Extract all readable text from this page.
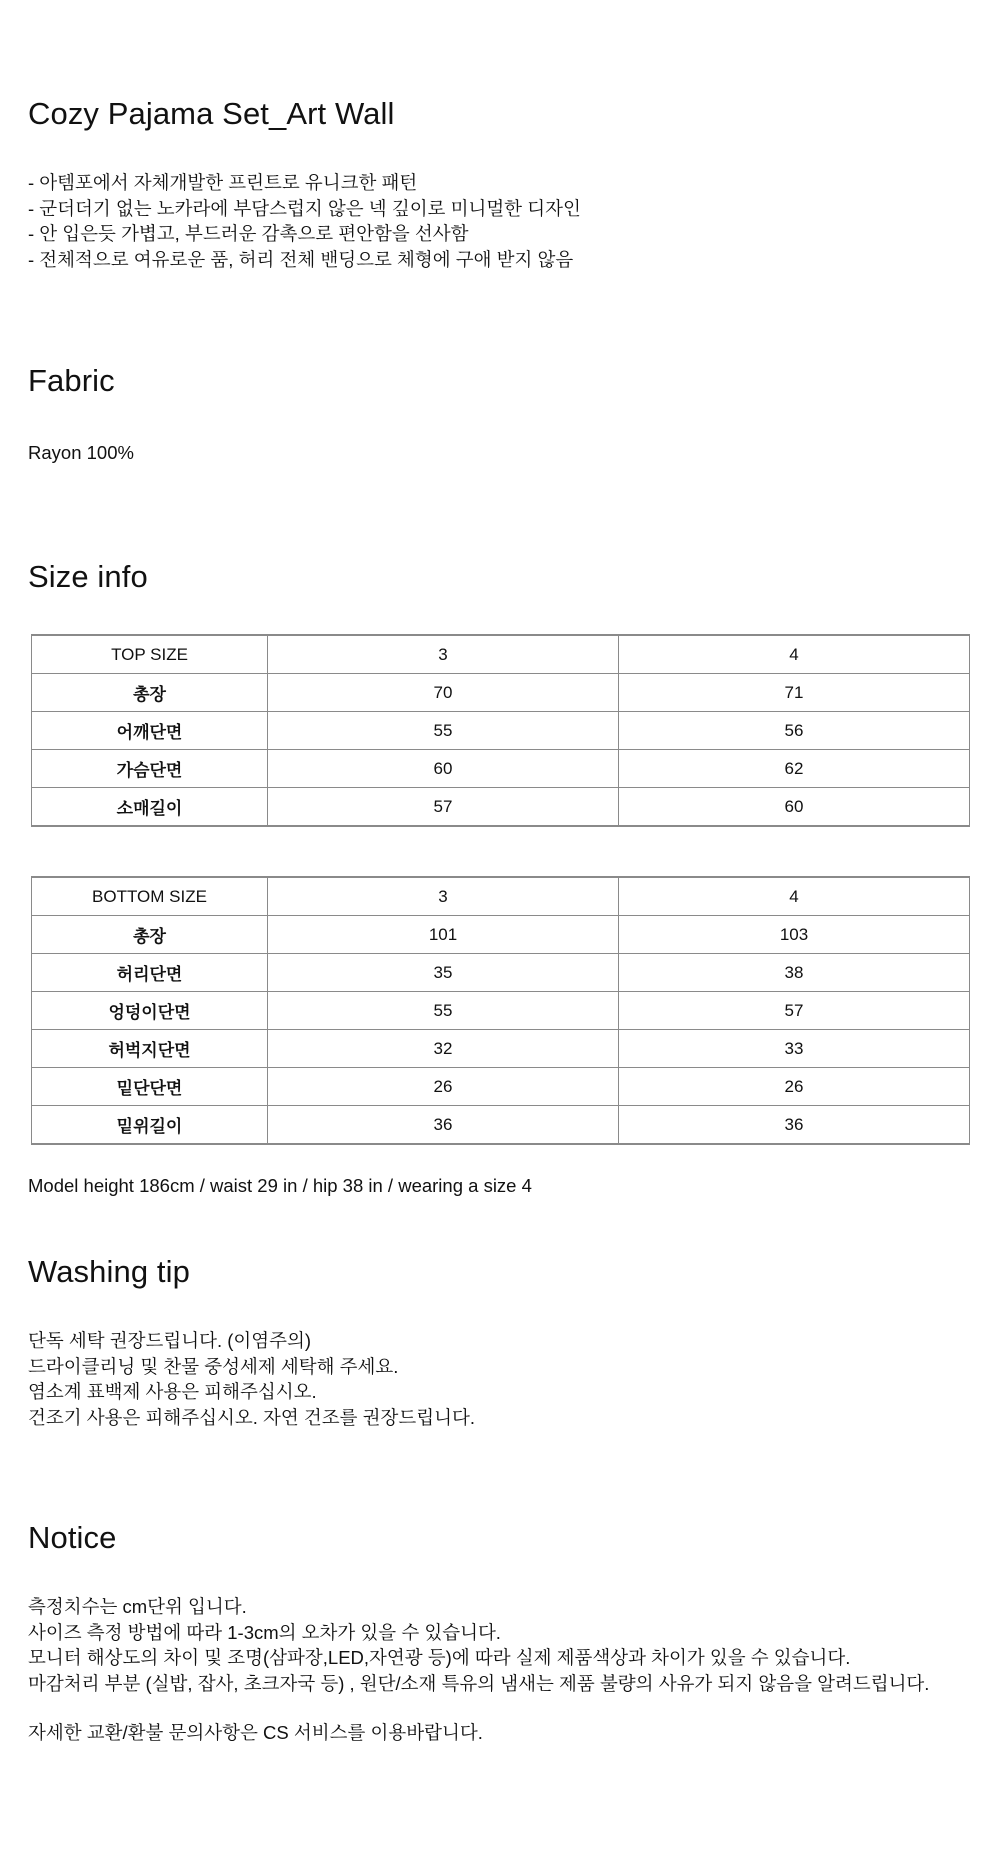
Cozy Pajama Set_Art Wall
- 아템포에서 자체개발한 프린트로 유니크한 패턴
- 군더더기 없는 노카라에 부담스럽지 않은 넥 깊이로 미니멀한 디자인
- 안 입은듯 가볍고, 부드러운 감촉으로 편안함을 선사함
- 전체적으로 여유로운 품, 허리 전체 밴딩으로 체형에 구애 받지 않음
Fabric

Rayon 100%

Size info
TOP SIZE	3	4
총장	70	71
어깨단면	55	56
가슴단면	60	62
소매길이	57	60
BOTTOM SIZE	3	4
총장	101	103
허리단면	35	38
엉덩이단면	55	57
허벅지단면	32	33
밑단단면	26	26
밑위길이	36	36

Model height 186cm / waist 29 in / hip 38 in / wearing a size 4

Washing tip
단독 세탁 권장드립니다. (이염주의)
드라이클리닝 및 찬물 중성세제 세탁해 주세요.
염소계 표백제 사용은 피해주십시오.
건조기 사용은 피해주십시오. 자연 건조를 권장드립니다.
Notice
측정치수는 cm단위 입니다.
사이즈 측정 방법에 따라 1-3cm의 오차가 있을 수 있습니다.
모니터 해상도의 차이 및 조명(삼파장,LED,자연광 등)에 따라 실제 제품색상과 차이가 있을 수 있습니다.
마감처리 부분 (실밥, 잡사, 초크자국 등) , 원단/소재 특유의 냄새는 제품 불량의 사유가 되지 않음을 알려드립니다.

자세한 교환/환불 문의사항은 CS 서비스를 이용바랍니다.
